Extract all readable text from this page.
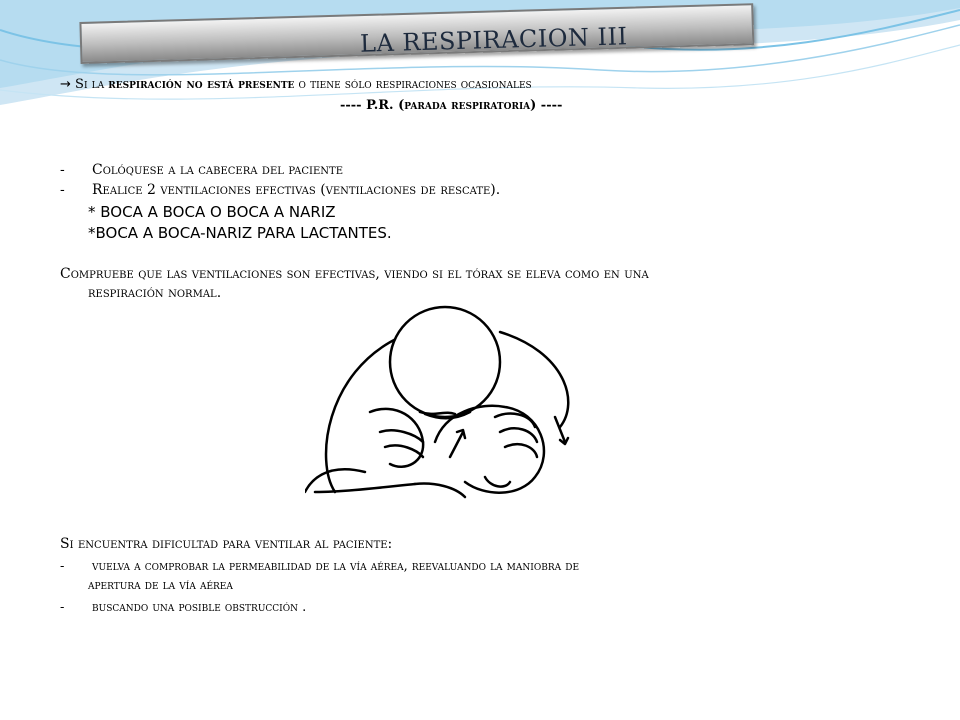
LA RESPIRACION III
→ Si la respiración no está presente o tiene sólo respiraciones ocasionales
---- P.R. (parada respiratoria) ----
- Colóquese a la cabecera del paciente
- Realice 2 ventilaciones efectivas (ventilaciones de rescate).
* BOCA A BOCA O BOCA A NARIZ
*BOCA A BOCA-NARIZ PARA LACTANTES.
Compruebe que las ventilaciones son efectivas, viendo si el tórax se eleva como en una
respiración normal.
Si encuentra dificultad para ventilar al paciente:
- vuelva a comprobar la permeabilidad de la vía aérea, reevaluando la maniobra de
apertura de la vía aérea
- buscando una posible obstrucción .
